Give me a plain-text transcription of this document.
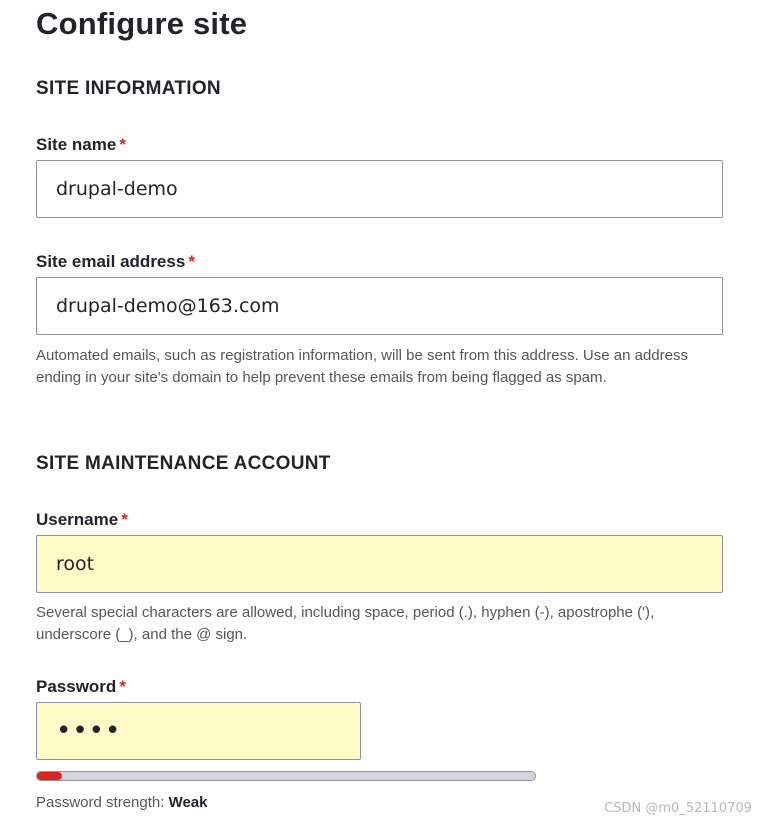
Configure site
SITE INFORMATION
Site name *
drupal-demo
Site email address *
drupal-demo@163.com

Automated emails, such as registration information, will be sent from this address. Use an address ending in your site's domain to help prevent these emails from being flagged as spam.

SITE MAINTENANCE ACCOUNT
Username *
root

Several special characters are allowed, including space, period (.), hyphen (-), apostrophe ('), underscore (_), and the @ sign.

Password *
Password strength: Weak	CSDN @m0_52110709
